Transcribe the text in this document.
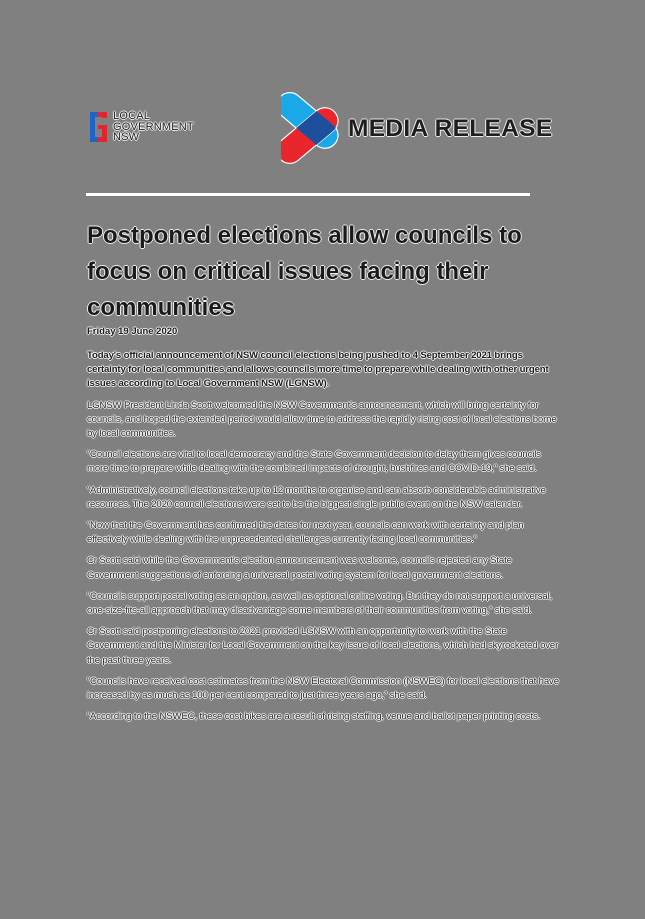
LOCAL
GOVERNMENT
NSW	MEDIA RELEASE
Postponed elections allow councils to focus on critical issues facing their communities
Friday 19 June 2020

Today's official announcement of NSW council elections being pushed to 4 September 2021 brings certainty for local communities and allows councils more time to prepare while dealing with other urgent issues according to Local Government NSW (LGNSW).

LGNSW President Linda Scott welcomed the NSW Government's announcement, which will bring certainty for councils, and hoped the extended period would allow time to address the rapidly rising cost of local elections borne by local communities.

“Council elections are vital to local democracy and the State Government decision to delay them gives councils more time to prepare while dealing with the combined impacts of drought, bushfires and COVID-19,” she said.

“Administratively, council elections take up to 12 months to organise and can absorb considerable administrative resources. The 2020 council elections were set to be the biggest single public event on the NSW calendar.

“Now that the Government has confirmed the dates for next year, councils can work with certainty and plan effectively while dealing with the unprecedented challenges currently facing local communities.”

Cr Scott said while the Government's election announcement was welcome, councils rejected any State Government suggestions of enforcing a universal postal voting system for local government elections.

“Councils support postal voting as an option, as well as optional online voting. But they do not support a universal, one-size-fits-all approach that may disadvantage some members of their communities from voting,” she said.

Cr Scott said postponing elections to 2021 provided LGNSW with an opportunity to work with the State Government and the Minister for Local Government on the key issue of local elections, which had skyrocketed over the past three years.

“Councils have received cost estimates from the NSW Electoral Commission (NSWEC) for local elections that have increased by as much as 100 per cent compared to just three years ago,” she said.

“According to the NSWEC, these cost hikes are a result of rising staffing, venue and ballot paper printing costs.
